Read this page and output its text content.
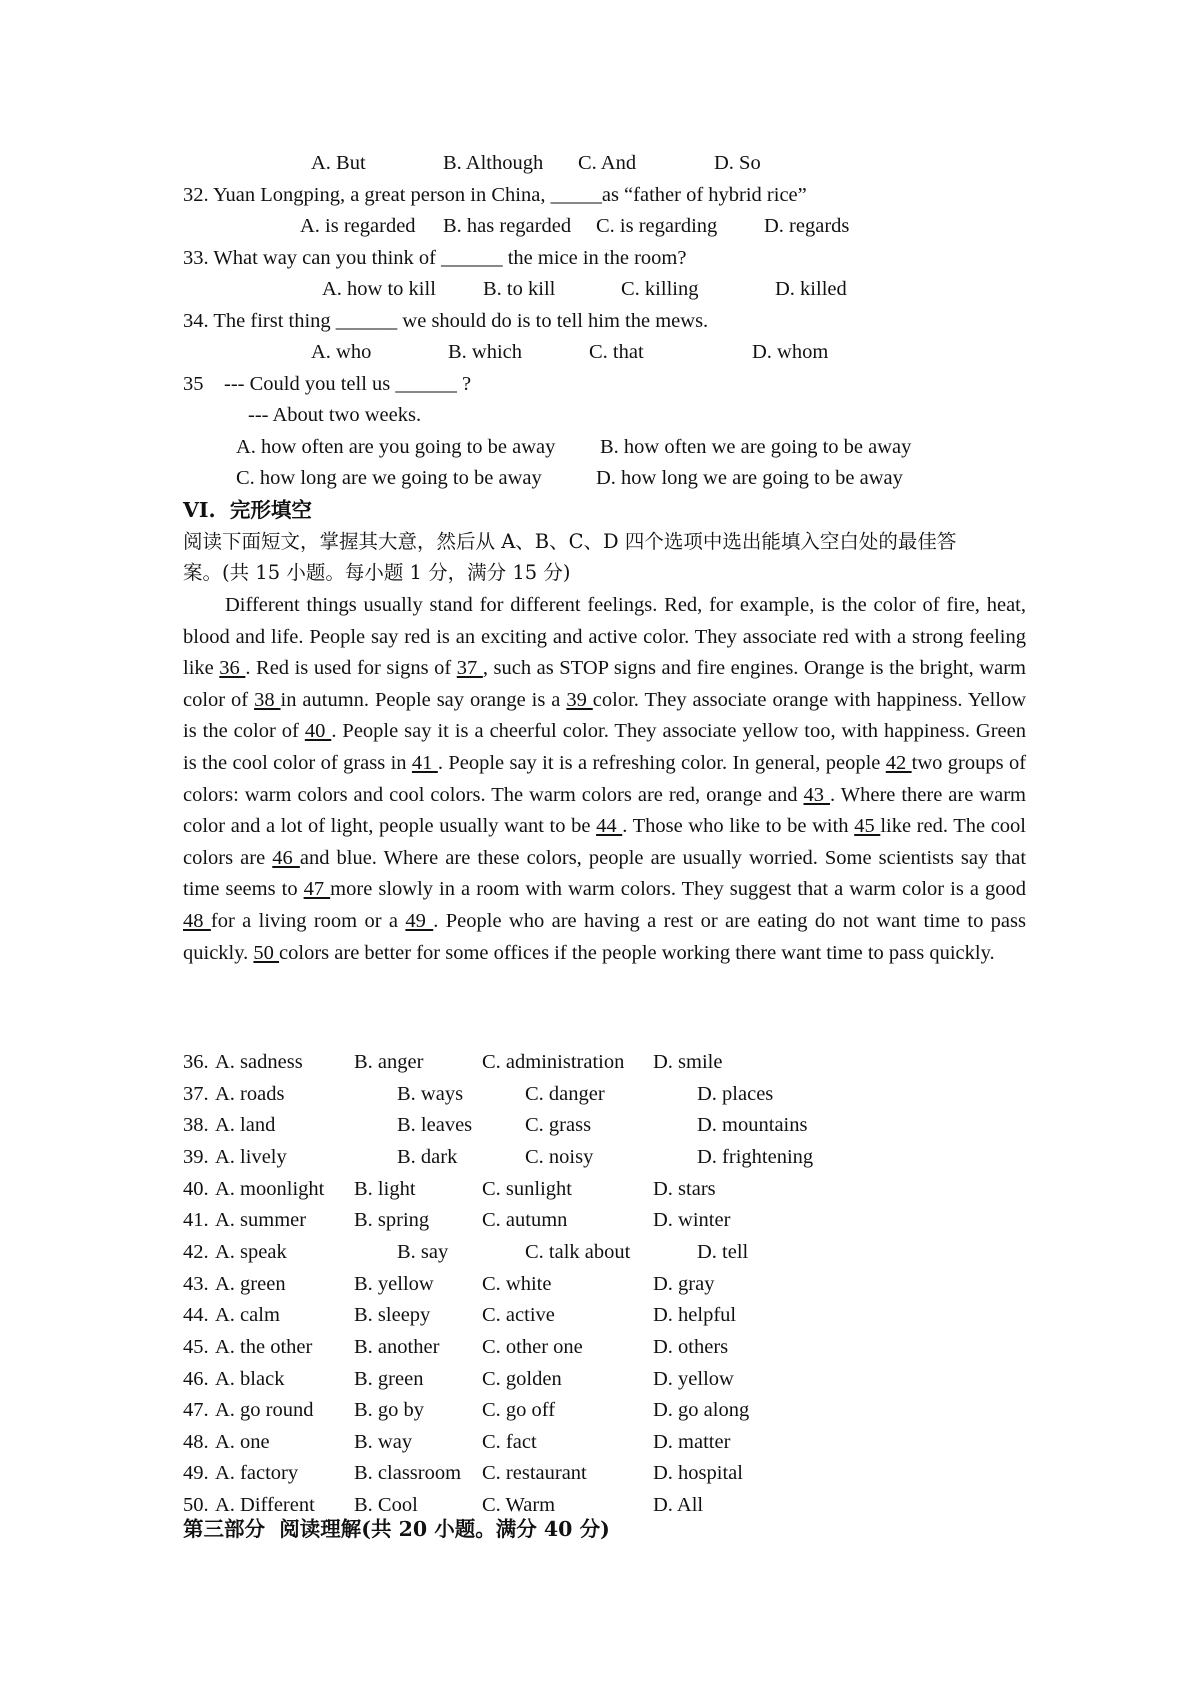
A. But	B. Although C. And	D. So
32. Yuan Longping, a great person in China, _____as “father of hybrid rice”
A. is regarded B. has regarded C. is regarding D. regards
33. What way can you think of ______ the mice in the room?
A. how to kill B. to kill	C. killing	D. killed
34. The first thing ______ we should do is to tell him the mews.
A. who	B. which	C. that	D. whom
35    --- Could you tell us ______ ?
--- About two weeks.
A. how often are you going to be away B. how often we are going to be away
C. how long are we going to be away	D. how long we are going to be away
VI.  完形填空
阅读下面短文，掌握其大意，然后从 A、B、C、D 四个选项中选出能填入空白处的最佳答
案。(共 15 小题。每小题 1 分，满分 15 分)
Different things usually stand for different feelings. Red, for example, is the color of fire, heat, blood and life. People say red is an exciting and active color. They associate red with a strong feeling like 36 . Red is used for signs of 37 , such as STOP signs and fire engines. Orange is the bright, warm color of 38 in autumn. People say orange is a 39 color. They associate orange with happiness. Yellow is the color of 40 . People say it is a cheerful color. They associate yellow too, with happiness. Green is the cool color of grass in 41 . People say it is a refreshing color. In general, people 42 two groups of colors: warm colors and cool colors. The warm colors are red, orange and 43 . Where there are warm color and a lot of light, people usually want to be 44 . Those who like to be with 45 like red. The cool colors are 46 and blue. Where are these colors, people are usually worried. Some scientists say that time seems to 47 more slowly in a room with warm colors. They suggest that a warm color is a good 48 for a living room or a 49 . People who are having a rest or are eating do not want time to pass quickly. 50 colors are better for some offices if the people working there want time to pass quickly.
36. A. sadness	B. anger	C. administration D. smile
37. A. roads	B. ways	C. danger	D. places
38. A. land	B. leaves	C. grass	D. mountains
39. A. lively	B. dark	C. noisy	D. frightening
40. A. moonlight B. light	C. sunlight	D. stars
41. A. summer B. spring	C. autumn	D. winter
42. A. speak	B. say	C. talk about	D. tell
43. A. green	B. yellow C. white	D. gray
44. A. calm	B. sleepy	C. active	D. helpful
45. A. the other B. another C. other one	D. others
46. A. black	B. green	C. golden	D. yellow
47. A. go round B. go by	C. go off	D. go along
48. A. one	B. way	C. fact	D. matter
49. A. factory	B. classroom C. restaurant	D. hospital
50. A. Different B. Cool	C. Warm	D. All
第三部分  阅读理解(共 20 小题。满分 40 分)
